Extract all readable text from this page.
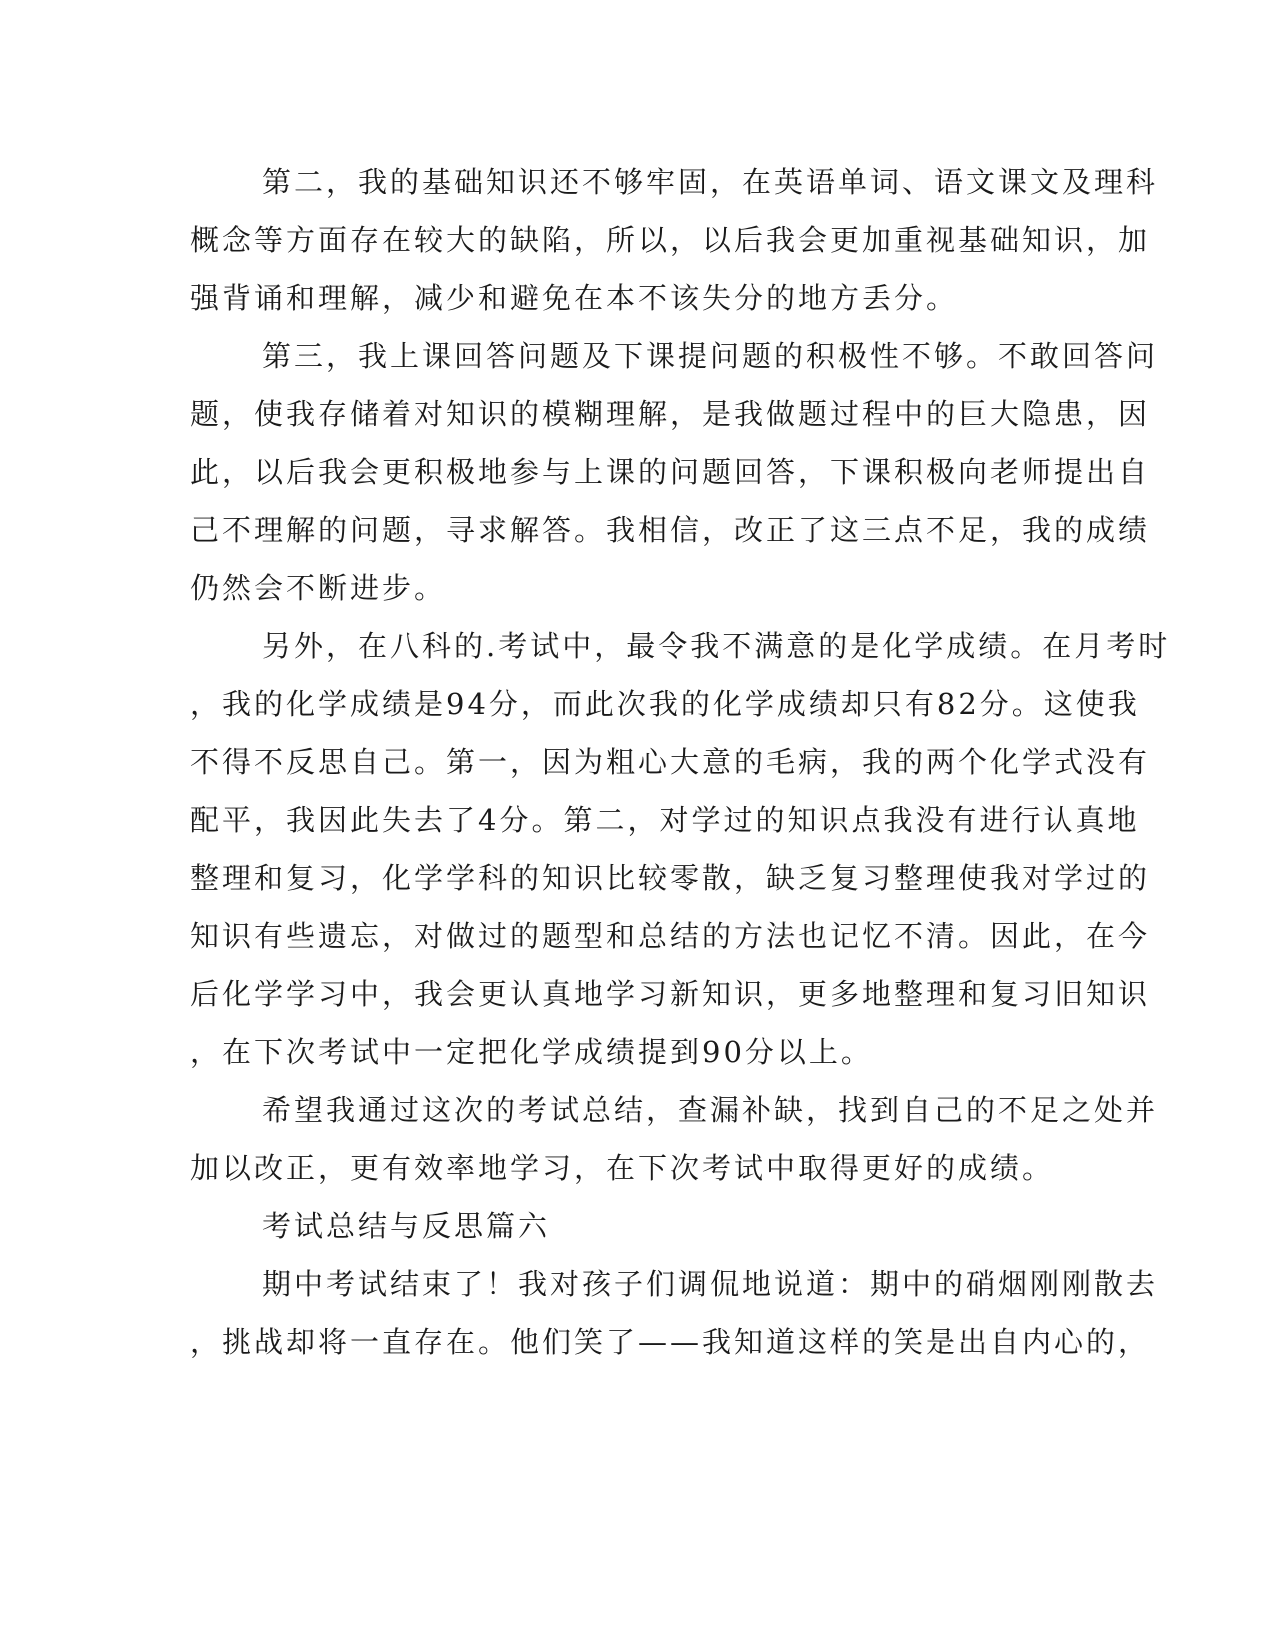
第二，我的基础知识还不够牢固，在英语单词、语文课文及理科
概念等方面存在较大的缺陷，所以，以后我会更加重视基础知识，加
强背诵和理解，减少和避免在本不该失分的地方丢分。
第三，我上课回答问题及下课提问题的积极性不够。不敢回答问
题，使我存储着对知识的模糊理解，是我做题过程中的巨大隐患，因
此，以后我会更积极地参与上课的问题回答，下课积极向老师提出自
己不理解的问题，寻求解答。我相信，改正了这三点不足，我的成绩
仍然会不断进步。
另外，在八科的.考试中，最令我不满意的是化学成绩。在月考时
，我的化学成绩是94分，而此次我的化学成绩却只有82分。这使我
不得不反思自己。第一，因为粗心大意的毛病，我的两个化学式没有
配平，我因此失去了4分。第二，对学过的知识点我没有进行认真地
整理和复习，化学学科的知识比较零散，缺乏复习整理使我对学过的
知识有些遗忘，对做过的题型和总结的方法也记忆不清。因此，在今
后化学学习中，我会更认真地学习新知识，更多地整理和复习旧知识
，在下次考试中一定把化学成绩提到90分以上。
希望我通过这次的考试总结，查漏补缺，找到自己的不足之处并
加以改正，更有效率地学习，在下次考试中取得更好的成绩。
考试总结与反思篇六
期中考试结束了！我对孩子们调侃地说道：期中的硝烟刚刚散去
，挑战却将一直存在。他们笑了——我知道这样的笑是出自内心的，
